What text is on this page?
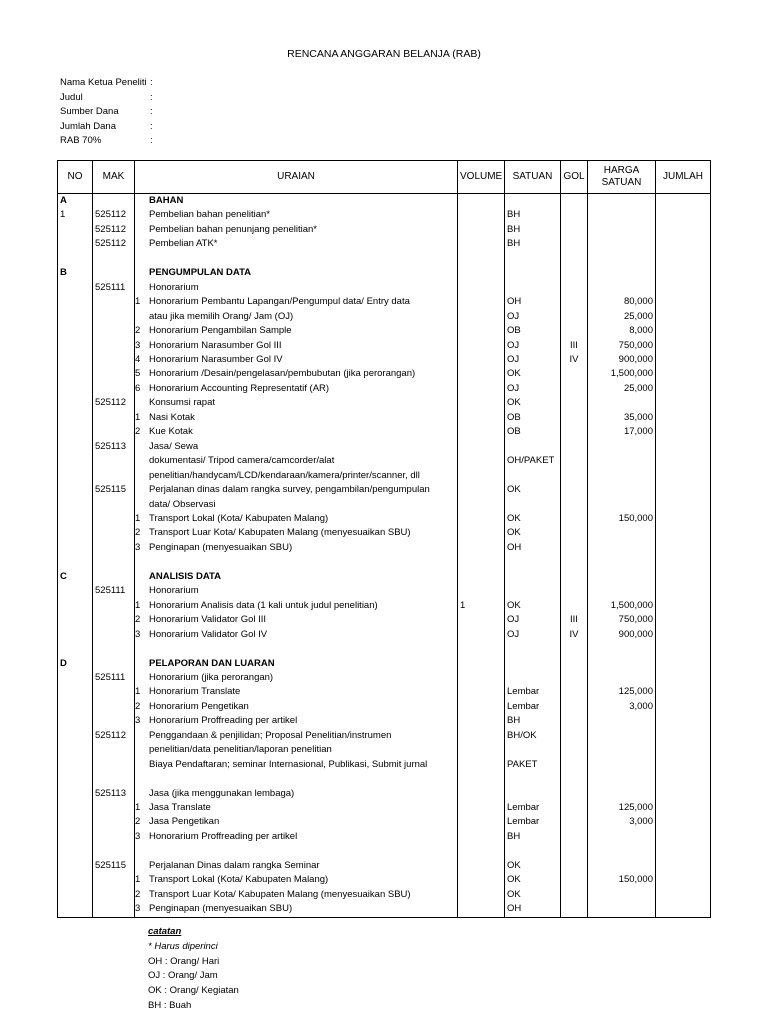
RENCANA ANGGARAN BELANJA (RAB)
Nama Ketua Peneliti :
Judul	:
Sumber Dana	:
Jumlah Dana	:
RAB 70%	:
NO	MAK	URAIAN	VOLUME	SATUAN	GOL	HARGA SATUAN	JUMLAH
A		BAHAN					
1	525112	Pembelian bahan penelitian*		BH			
	525112	Pembelian bahan penunjang penelitian*		BH			
	525112	Pembelian ATK*		BH			

B		PENGUMPULAN DATA					
	525111	Honorarium					
		1 Honorarium Pembantu Lapangan/Pengumpul data/ Entry data		OH		80,000	
		atau jika memilih Orang/ Jam (OJ)		OJ		25,000	
		2 Honorarium Pengambilan Sample		OB		8,000	
		3 Honorarium Narasumber Gol III		OJ	III	750,000	
		4 Honorarium Narasumber Gol IV		OJ	IV	900,000	
		5 Honorarium /Desain/pengelasan/pembubutan (jika perorangan)		OK		1,500,000	
		6 Honorarium Accounting Representatif (AR)		OJ		25,000	
	525112	Konsumsi rapat		OK			
		1 Nasi Kotak		OB		35,000	
		2 Kue Kotak		OB		17,000	
	525113	Jasa/ Sewa					
		dokumentasi/ Tripod camera/camcorder/alat		OH/PAKET			
		penelitian/handycam/LCD/kendaraan/kamera/printer/scanner, dll					
	525115	Perjalanan dinas dalam rangka survey, pengambilan/pengumpulan		OK			
		data/ Observasi					
		1 Transport Lokal (Kota/ Kabupaten Malang)		OK		150,000	
		2 Transport Luar Kota/ Kabupaten Malang (menyesuaikan SBU)		OK			
		3 Penginapan (menyesuaikan SBU)		OH			

C		ANALISIS DATA					
	525111	Honorarium					
		1 Honorarium Analisis data (1 kali untuk judul penelitian)	1	OK		1,500,000	
		2 Honorarium Validator Gol III		OJ	III	750,000	
		3 Honorarium Validator Gol IV		OJ	IV	900,000	

D		PELAPORAN DAN LUARAN					
	525111	Honorarium (jika perorangan)					
		1 Honorarium Translate		Lembar		125,000	
		2 Honorarium Pengetikan		Lembar		3,000	
		3 Honorarium Proffreading per artikel		BH			
	525112	Penggandaan & penjilidan; Proposal Penelitian/instrumen		BH/OK			
		penelitian/data penelitian/laporan penelitian					
		Biaya Pendaftaran; seminar Internasional, Publikasi, Submit jurnal		PAKET			

	525113	Jasa (jika menggunakan lembaga)					
		1 Jasa Translate		Lembar		125,000	
		2 Jasa Pengetikan		Lembar		3,000	
		3 Honorarium Proffreading per artikel		BH			

	525115	Perjalanan Dinas dalam rangka Seminar		OK			
		1 Transport Lokal (Kota/ Kabupaten Malang)		OK		150,000	
		2 Transport Luar Kota/ Kabupaten Malang (menyesuaikan SBU)		OK			
		3 Penginapan (menyesuaikan SBU)		OH			
catatan
* Harus diperinci
OH : Orang/ Hari
OJ : Orang/ Jam
OK : Orang/ Kegiatan
BH : Buah
